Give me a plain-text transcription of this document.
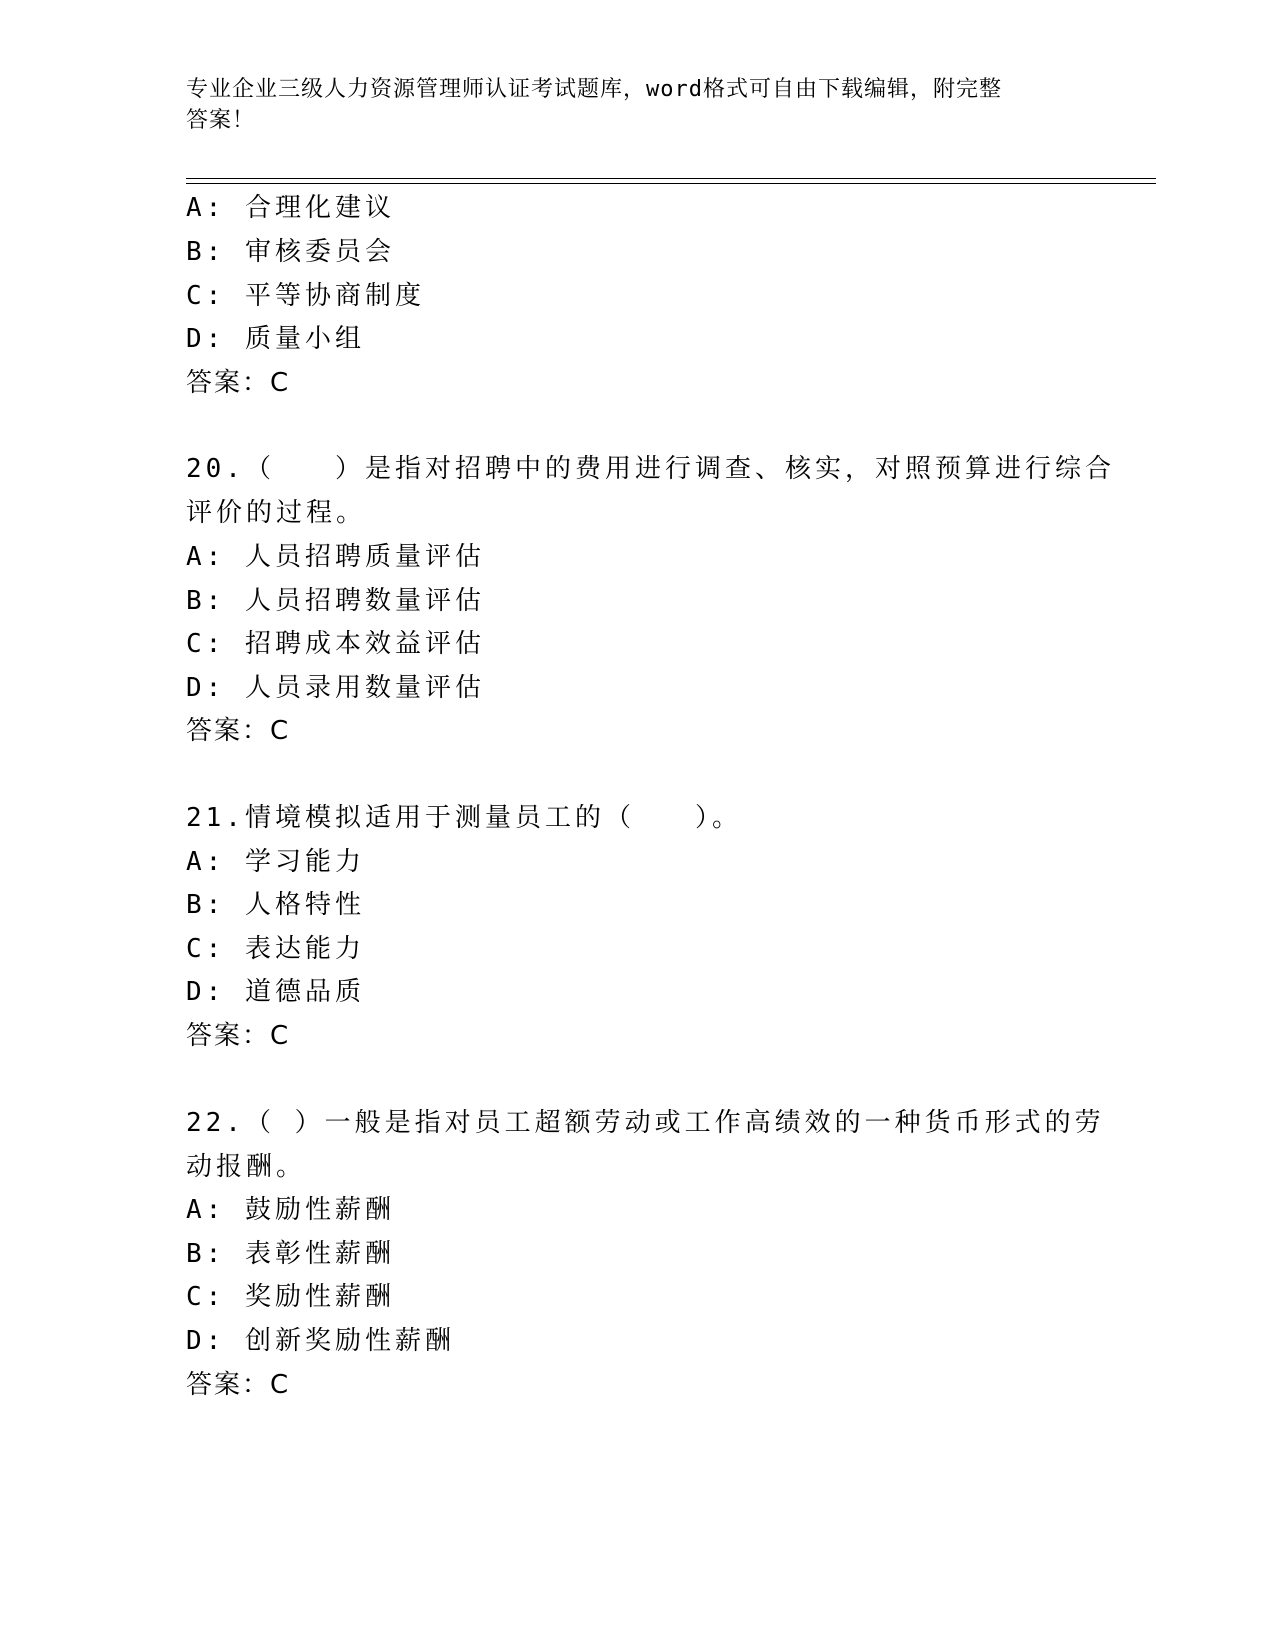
专业企业三级人力资源管理师认证考试题库，word格式可自由下载编辑，附完整
答案！
A: 合理化建议
B: 审核委员会
C: 平等协商制度
D: 质量小组
答案：C
20.（　　）是指对招聘中的费用进行调查、核实，对照预算进行综合
评价的过程。
A: 人员招聘质量评估
B: 人员招聘数量评估
C: 招聘成本效益评估
D: 人员录用数量评估
答案：C
21.情境模拟适用于测量员工的（　　）。
A: 学习能力
B: 人格特性
C: 表达能力
D: 道德品质
答案：C
22.（ ）一般是指对员工超额劳动或工作高绩效的一种货币形式的劳
动报酬。
A: 鼓励性薪酬
B: 表彰性薪酬
C: 奖励性薪酬
D: 创新奖励性薪酬
答案：C
